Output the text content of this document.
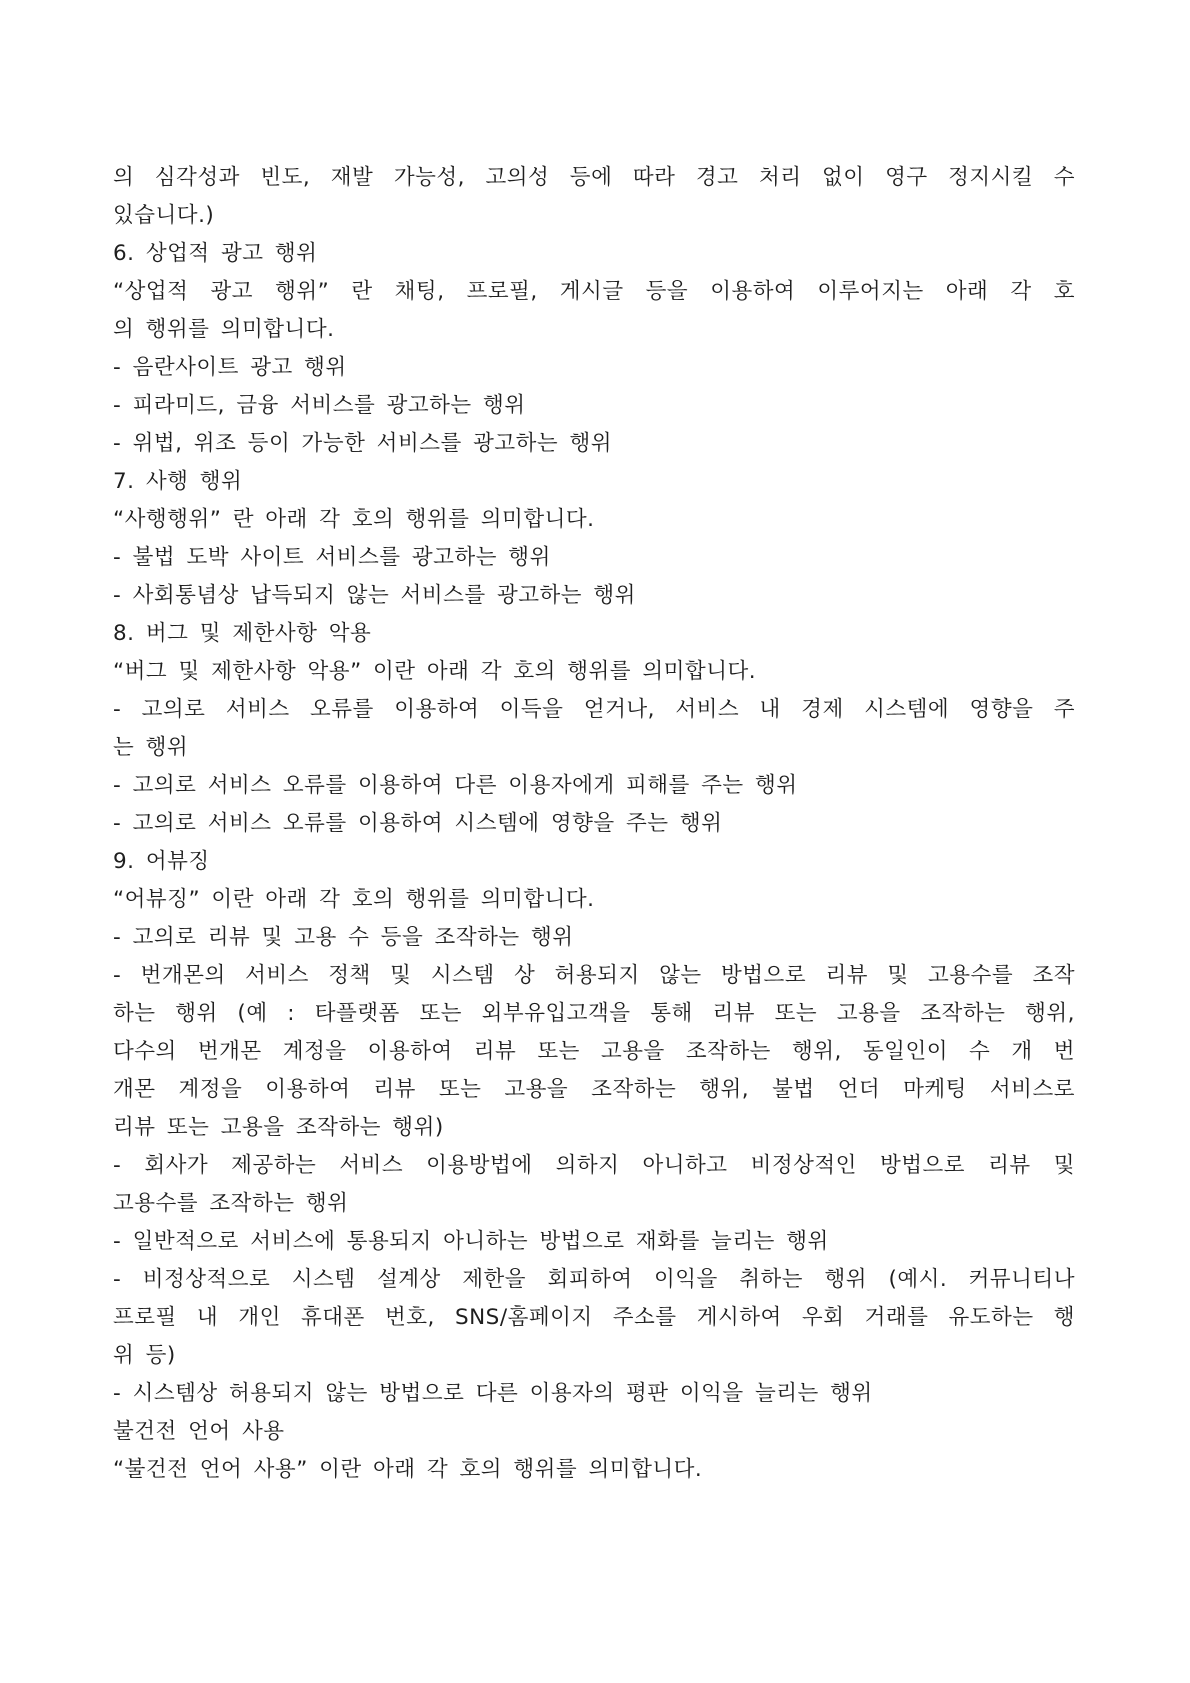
의 심각성과 빈도, 재발 가능성, 고의성 등에 따라 경고 처리 없이 영구 정지시킬 수

있습니다.)

6. 상업적 광고 행위

“상업적 광고 행위” 란 채팅, 프로필, 게시글 등을 이용하여 이루어지는 아래 각 호

의 행위를 의미합니다.

- 음란사이트 광고 행위

- 피라미드, 금융 서비스를 광고하는 행위

- 위법, 위조 등이 가능한 서비스를 광고하는 행위

7. 사행 행위

“사행행위” 란 아래 각 호의 행위를 의미합니다.

- 불법 도박 사이트 서비스를 광고하는 행위

- 사회통념상 납득되지 않는 서비스를 광고하는 행위

8. 버그 및 제한사항 악용

“버그 및 제한사항 악용” 이란 아래 각 호의 행위를 의미합니다.

- 고의로 서비스 오류를 이용하여 이득을 얻거나, 서비스 내 경제 시스템에 영향을 주

는 행위

- 고의로 서비스 오류를 이용하여 다른 이용자에게 피해를 주는 행위

- 고의로 서비스 오류를 이용하여 시스템에 영향을 주는 행위

9. 어뷰징

“어뷰징” 이란 아래 각 호의 행위를 의미합니다.

- 고의로 리뷰 및 고용 수 등을 조작하는 행위

- 번개몬의 서비스 정책 및 시스템 상 허용되지 않는 방법으로 리뷰 및 고용수를 조작

하는 행위 (예 : 타플랫폼 또는 외부유입고객을 통해 리뷰 또는 고용을 조작하는 행위,

다수의 번개몬 계정을 이용하여 리뷰 또는 고용을 조작하는 행위, 동일인이 수 개 번

개몬 계정을 이용하여 리뷰 또는 고용을 조작하는 행위, 불법 언더 마케팅 서비스로

리뷰 또는 고용을 조작하는 행위)

- 회사가 제공하는 서비스 이용방법에 의하지 아니하고 비정상적인 방법으로 리뷰 및

고용수를 조작하는 행위

- 일반적으로 서비스에 통용되지 아니하는 방법으로 재화를 늘리는 행위

- 비정상적으로 시스템 설계상 제한을 회피하여 이익을 취하는 행위 (예시. 커뮤니티나

프로필 내 개인 휴대폰 번호, SNS/홈페이지 주소를 게시하여 우회 거래를 유도하는 행

위 등)

- 시스템상 허용되지 않는 방법으로 다른 이용자의 평판 이익을 늘리는 행위

불건전 언어 사용

“불건전 언어 사용” 이란 아래 각 호의 행위를 의미합니다.
